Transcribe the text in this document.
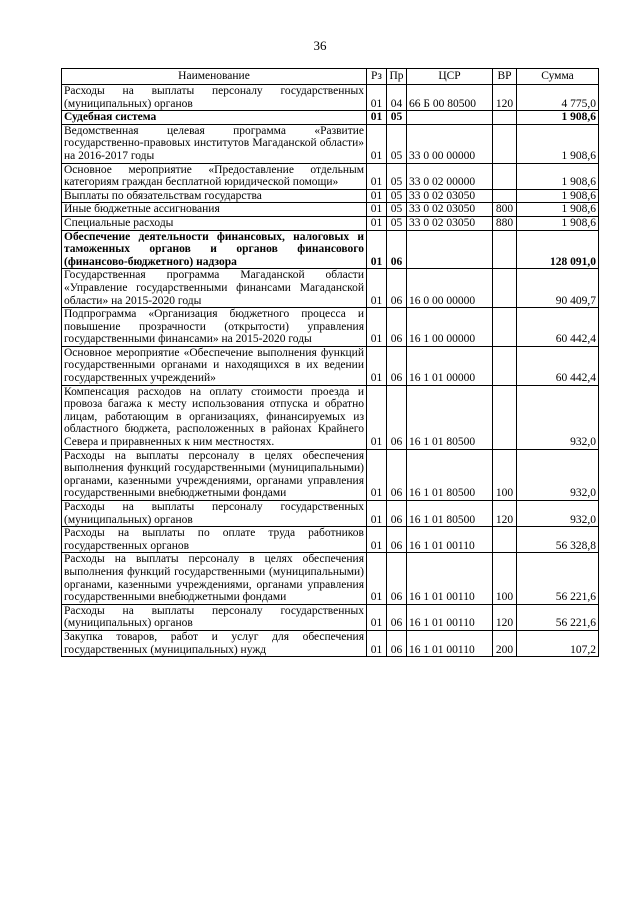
36
Наименование	Рз	Пр	ЦСР	ВР	Сумма
Расходы на выплаты персоналу государственных (муниципальных) органов	01	04	66 Б 00 80500	120	4 775,0
Судебная система	01	05			1 908,6
Ведомственная целевая программа «Развитие государственно-правовых институтов Магаданской области» на 2016-2017 годы	01	05	33 0 00 00000		1 908,6
Основное мероприятие «Предоставление отдельным категориям граждан бесплатной юридической помощи»	01	05	33 0 02 00000		1 908,6
Выплаты по обязательствам государства	01	05	33 0 02 03050		1 908,6
Иные бюджетные ассигнования	01	05	33 0 02 03050	800	1 908,6
Специальные расходы	01	05	33 0 02 03050	880	1 908,6
Обеспечение деятельности финансовых, налоговых и таможенных органов и органов финансового (финансово-бюджетного) надзора	01	06			128 091,0
Государственная программа Магаданской области «Управление государственными финансами Магаданской области» на 2015-2020 годы	01	06	16 0 00 00000		90 409,7
Подпрограмма «Организация бюджетного процесса и повышение прозрачности (открытости) управления государственными финансами» на 2015-2020 годы	01	06	16 1 00 00000		60 442,4
Основное мероприятие «Обеспечение выполнения функций государственными органами и находящихся в их ведении государственных учреждений»	01	06	16 1 01 00000		60 442,4
Компенсация расходов на оплату стоимости проезда и провоза багажа к месту использования отпуска и обратно лицам, работающим в организациях, финансируемых из областного бюджета, расположенных в районах Крайнего Севера и приравненных к ним местностях.	01	06	16 1 01 80500		932,0
Расходы на выплаты персоналу в целях обеспечения выполнения функций государственными (муниципальными) органами, казенными учреждениями, органами управления государственными внебюджетными фондами	01	06	16 1 01 80500	100	932,0
Расходы на выплаты персоналу государственных (муниципальных) органов	01	06	16 1 01 80500	120	932,0
Расходы на выплаты по оплате труда работников государственных органов	01	06	16 1 01 00110		56 328,8
Расходы на выплаты персоналу в целях обеспечения выполнения функций государственными (муниципальными) органами, казенными учреждениями, органами управления государственными внебюджетными фондами	01	06	16 1 01 00110	100	56 221,6
Расходы на выплаты персоналу государственных (муниципальных) органов	01	06	16 1 01 00110	120	56 221,6
Закупка товаров, работ и услуг для обеспечения государственных (муниципальных) нужд	01	06	16 1 01 00110	200	107,2
